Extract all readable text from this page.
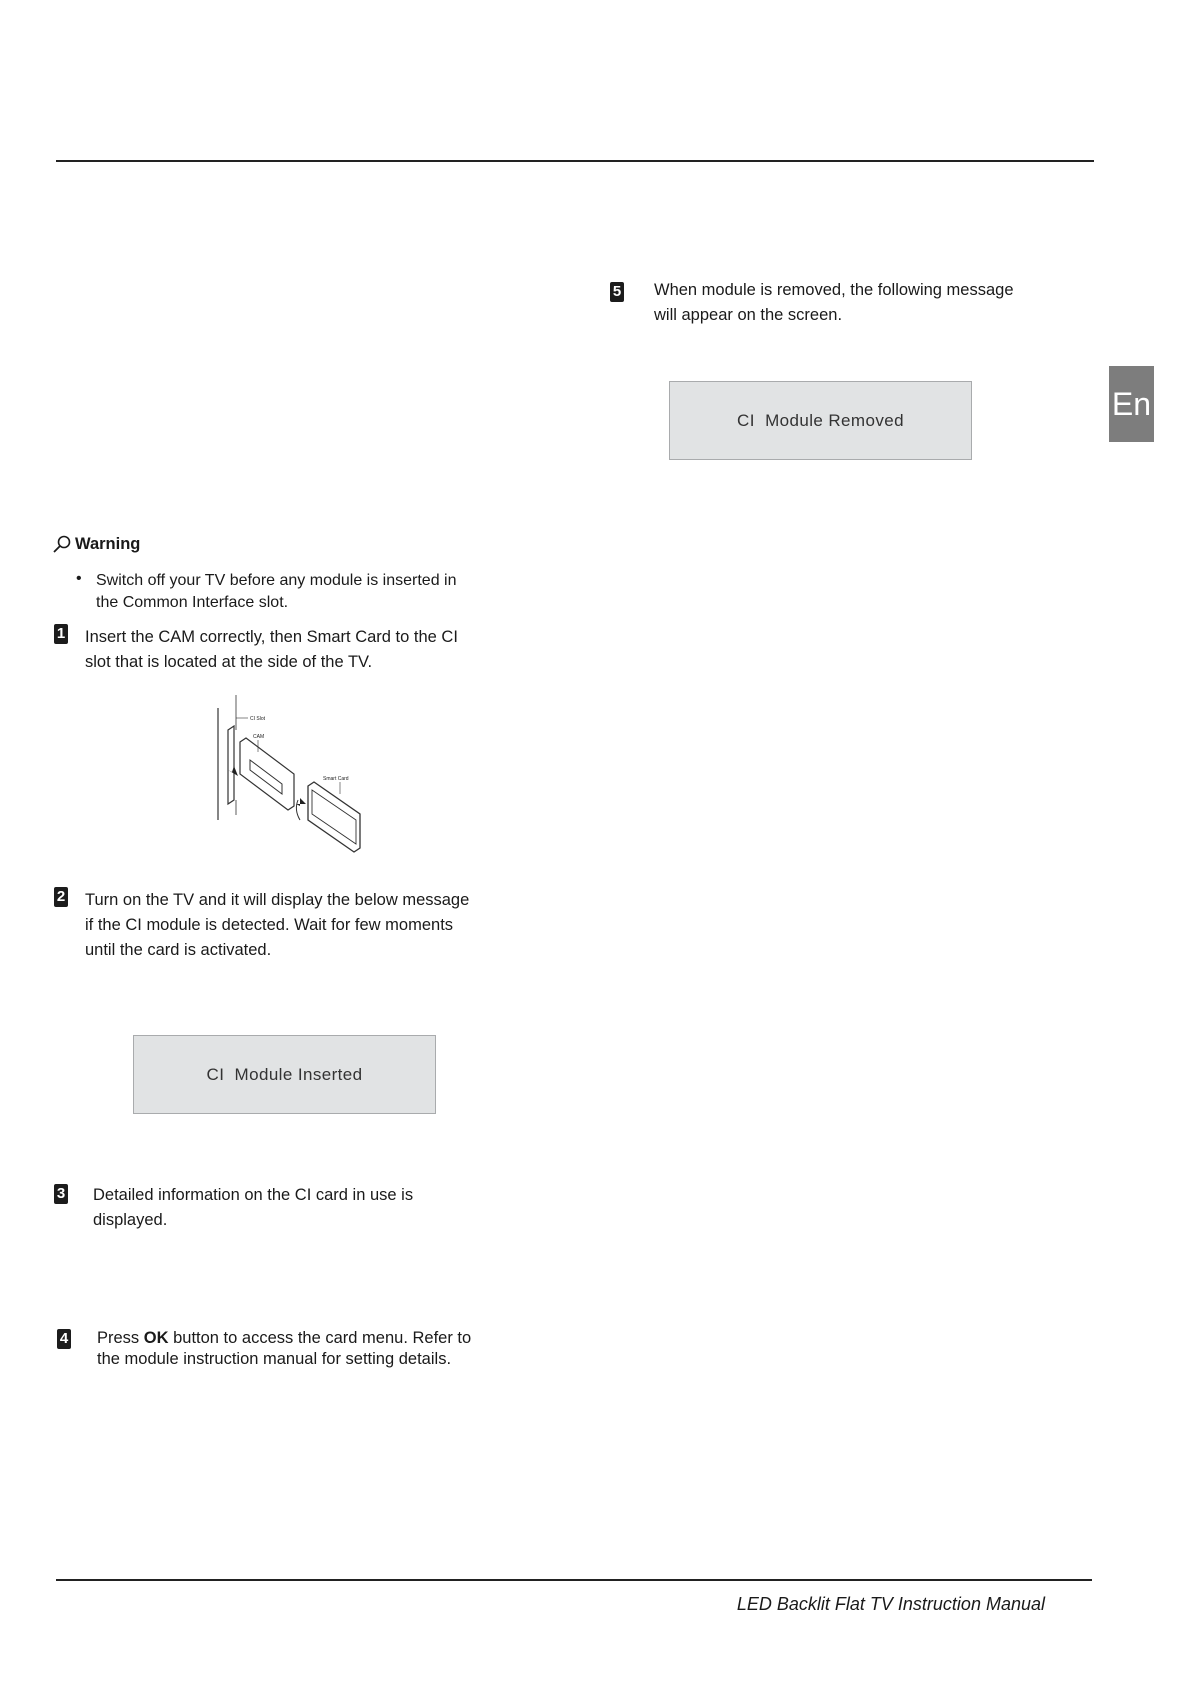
En
Warning
• Switch off your TV before any module is inserted in
the Common Interface slot.
1 Insert the CAM correctly, then Smart Card to the CI
slot that is located at the side of the TV.
CI Slot
CAM
Smart Card
2 Turn on the TV and it will display the below message
if the CI module is detected. Wait for few moments
until the card is activated.
CI  Module Inserted
3 Detailed information on the CI card in use is
displayed.
4 Press OK button to access the card menu. Refer to
the module instruction manual for setting details.
5 When module is removed, the following message
will appear on the screen.
CI  Module Removed
LED Backlit Flat TV Instruction Manual
